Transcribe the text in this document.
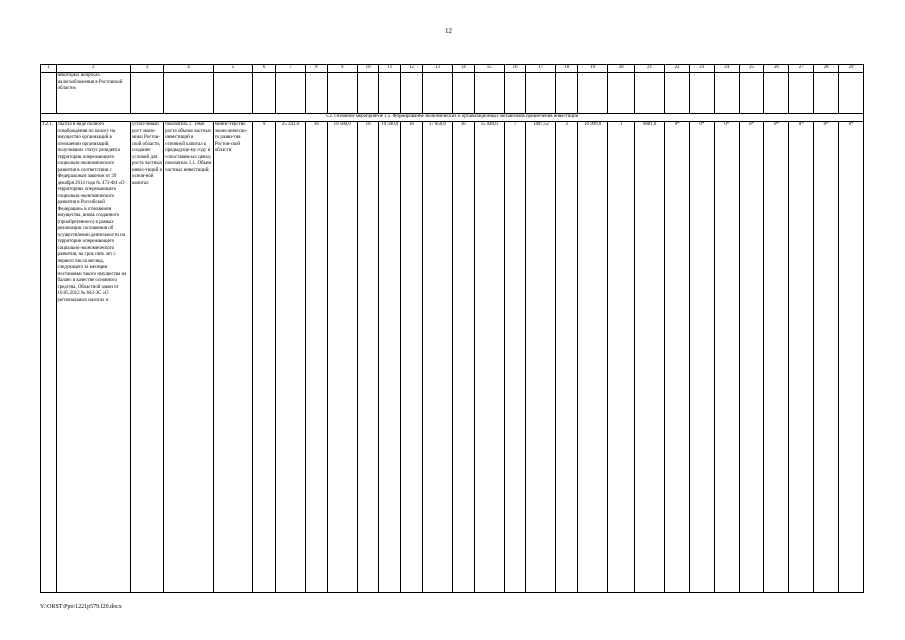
12
1	2	3	4	5	6	7	8	9	10	11	12	13	14	15	16	17	18	19	20	21	22	23	24	25	26	27	28	29
	некоторых вопросах налогообложения в Ростовской области»																											
1.2. Основное мероприятие 1.5. Формирование экономических и организационных механизмов привлечения инвестиций																												
1.2.1.	Льгота в виде полного освобождения по налогу на имущество организаций в отношении организаций, получивших статус резидента территории опережающего социально-экономического развития в соответствии с Федеральным законом от 29 декабря 2014 года № 473-ФЗ «О территориях опережающего социально-экономического развития в Российской Федерации» в отношении имущества, вновь созданного (приобретенного) в рамках реализации соглашения об осуществлении деятельности на территории опережающего социально-экономического развития, на срок пять лет с первого числа месяца, следующего за месяцем постановки такого имущества на баланс в качестве основного средства, Областной закон от 10.05.2012 № 843-ЗС «О региональных налогах и	устой-чивый рост эконо-мики Ростов-ской области, создание условий для роста частных инвес-тиций в основ-ной капитал	показатель 1. Темп роста объема частных инвестиций в основной капитал к предыдуще-му году в сопоставим-ых ценах; показатель 1.1. Объем частных инвестиций;	минис-терство эконо-мическо-го разви-тия Ростов-ской области	9	25 341,0	16	19 580,0	16	19 590,0	16	17 850,0	16	15 940,0	7	1487,52	2	10 999,0	1	9881,0	0*	0*	0*	0*	0*	0*	0*	0*
Y:\ORST\Ppo\1221p579.f20.docx
